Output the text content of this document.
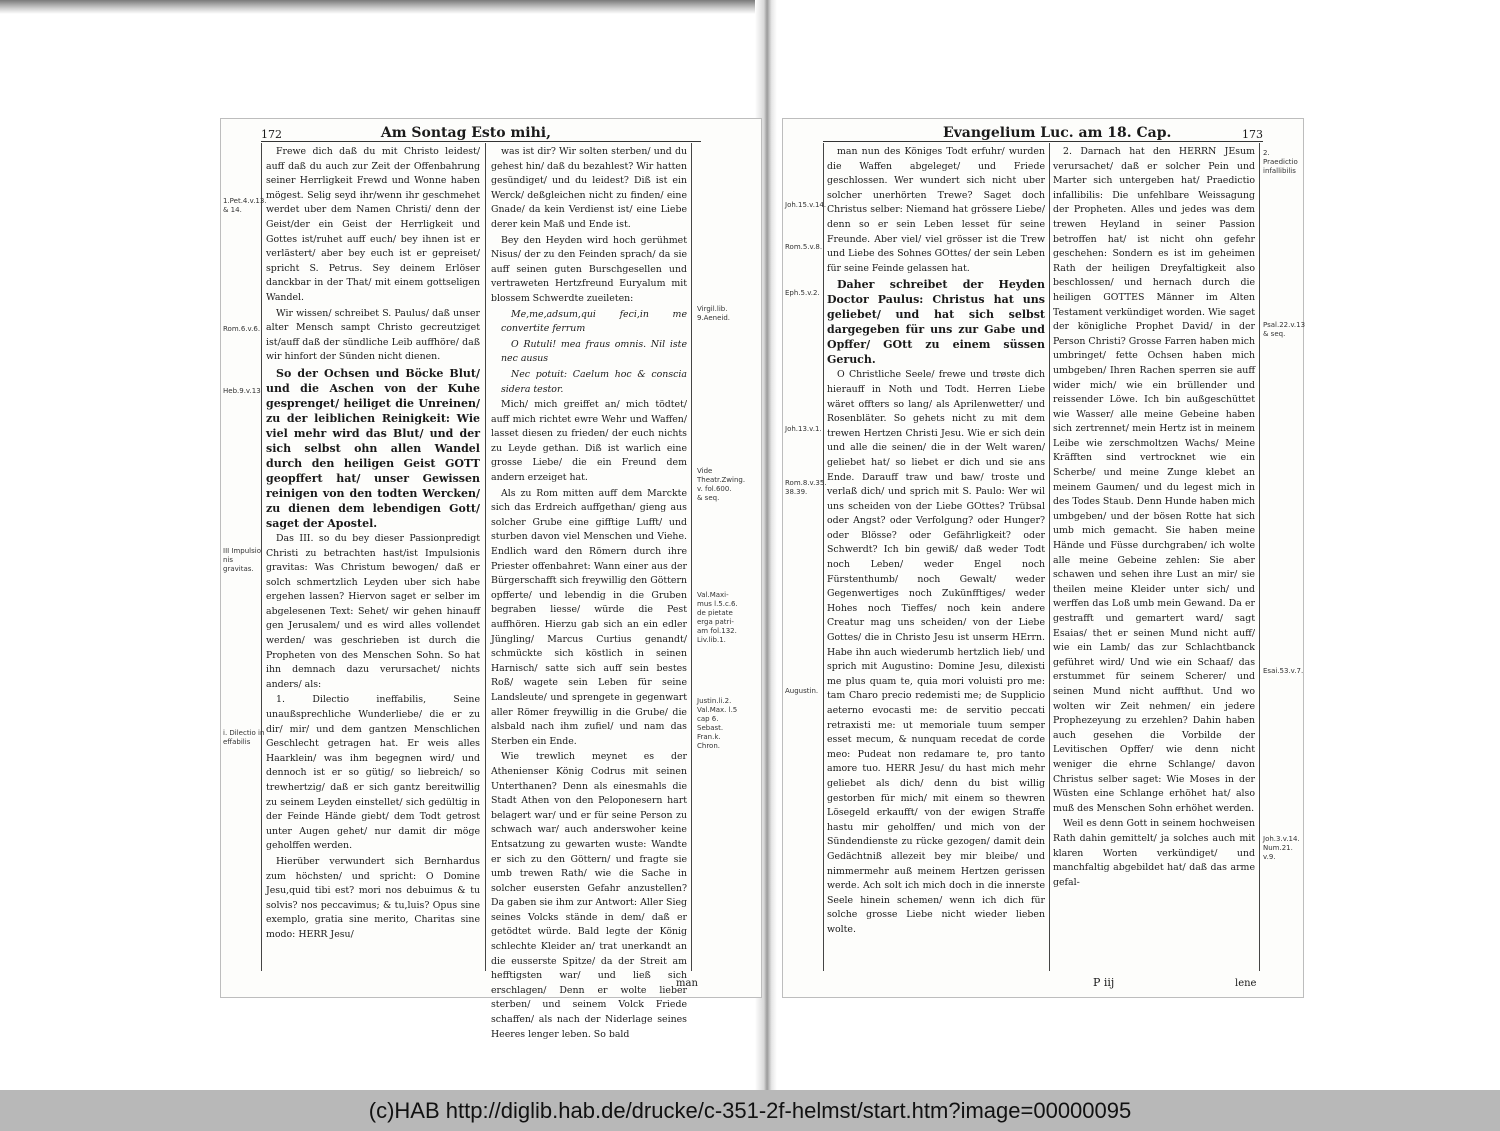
172	Am Sontag Esto mihi,

Frewe dich daß du mit Christo leidest/ auff daß du auch zur Zeit der Offenbahrung seiner Herrligkeit Frewd und Wonne haben mögest. Selig seyd ihr/wenn ihr geschmehet werdet uber dem Namen Christi/ denn der Geist/der ein Geist der Herrligkeit und Gottes ist/ruhet auff euch/ bey ihnen ist er verlästert/ aber bey euch ist er gepreiset/ spricht S. Petrus. Sey deinem Erlöser danckbar in der That/ mit einem gottseligen Wandel.

Wir wissen/ schreibet S. Paulus/ daß unser alter Mensch sampt Christo gecreutziget ist/auff daß der sündliche Leib auffhöre/ daß wir hinfort der Sünden nicht dienen.

So der Ochsen und Böcke Blut/ und die Aschen von der Kuhe gesprenget/ heiliget die Unreinen/ zu der leiblichen Reinigkeit: Wie viel mehr wird das Blut/ und der sich selbst ohn allen Wandel durch den heiligen Geist GOTT geopffert hat/ unser Gewissen reinigen von den todten Wercken/ zu dienen dem lebendigen Gott/ saget der Apostel.

Das III. so du bey dieser Passionpredigt Christi zu betrachten hast/ist Impulsionis gravitas: Was Christum bewogen/ daß er solch schmertzlich Leyden uber sich habe ergehen lassen? Hiervon saget er selber im abgelesenen Text: Sehet/ wir gehen hinauff gen Jerusalem/ und es wird alles vollendet werden/ was geschrieben ist durch die Propheten von des Menschen Sohn. So hat ihn demnach dazu verursachet/ nichts anders/ als:

1. Dilectio ineffabilis, Seine unaußsprechliche Wunderliebe/ die er zu dir/ mir/ und dem gantzen Menschlichen Geschlecht getragen hat. Er weis alles Haarklein/ was ihm begegnen wird/ und dennoch ist er so gütig/ so liebreich/ so trewhertzig/ daß er sich gantz bereitwillig zu seinem Leyden einstellet/ sich gedültig in der Feinde Hände giebt/ dem Todt getrost unter Augen gehet/ nur damit dir möge geholffen werden.

Hierüber verwundert sich Bernhardus zum höchsten/ und spricht: O Domine Jesu,quid tibi est? mori nos debuimus & tu solvis? nos peccavimus; & tu,luis? Opus sine exemplo, gratia sine merito, Charitas sine modo: HERR Jesu/

was ist dir? Wir solten sterben/ und du gehest hin/ daß du bezahlest? Wir hatten gesündiget/ und du leidest? Diß ist ein Werck/ deßgleichen nicht zu finden/ eine Gnade/ da kein Verdienst ist/ eine Liebe derer kein Maß und Ende ist.

Bey den Heyden wird hoch gerühmet Nisus/ der zu den Feinden sprach/ da sie auff seinen guten Burschgesellen und vertraweten Hertzfreund Euryalum mit blossem Schwerdte zueileten:

Me,me,adsum,qui feci,in me convertite ferrum

O Rutuli! mea fraus omnis. Nil iste nec ausus

Nec potuit: Caelum hoc & conscia sidera testor.

Mich/ mich greiffet an/ mich tödtet/ auff mich richtet ewre Wehr und Waffen/ lasset diesen zu frieden/ der euch nichts zu Leyde gethan. Diß ist warlich eine grosse Liebe/ die ein Freund dem andern erzeiget hat.

Als zu Rom mitten auff dem Marckte sich das Erdreich auffgethan/ gieng aus solcher Grube eine gifftige Lufft/ und sturben davon viel Menschen und Viehe. Endlich ward den Römern durch ihre Priester offenbahret: Wann einer aus der Bürgerschafft sich freywillig den Göttern opfferte/ und lebendig in die Gruben begraben liesse/ würde die Pest auffhören. Hierzu gab sich an ein edler Jüngling/ Marcus Curtius genandt/ schmückte sich köstlich in seinen Harnisch/ satte sich auff sein bestes Roß/ wagete sein Leben für seine Landsleute/ und sprengete in gegenwart aller Römer freywillig in die Grube/ die alsbald nach ihm zufiel/ und nam das Sterben ein Ende.

Wie trewlich meynet es der Athenienser König Codrus mit seinen Unterthanen? Denn als einesmahls die Stadt Athen von den Peloponesern hart belagert war/ und er für seine Person zu schwach war/ auch anderswoher keine Entsatzung zu gewarten wuste: Wandte er sich zu den Göttern/ und fragte sie umb trewen Rath/ wie die Sache in solcher eusersten Gefahr anzustellen? Da gaben sie ihm zur Antwort: Aller Sieg seines Volcks stände in dem/ daß er getödtet würde. Bald legte der König schlechte Kleider an/ trat unerkandt an die eusserste Spitze/ da der Streit am hefftigsten war/ und ließ sich erschlagen/ Denn er wolte lieber sterben/ und seinem Volck Friede schaffen/ als nach der Niderlage seines Heeres lenger leben. So bald

1.Pet.4.v.13. & 14.
Rom.6.v.6.
Heb.9.v.13
III Impulsio nis gravitas.
i. Dilectio in effabilis
Virgil.lib. 9.Aeneid.
Vide Theatr.Zwing. v. fol.600. & seq.
Val.Maxi-mus l.5.c.6. de pietate erga patri-am fol.132. Liv.lib.1.
Justin.li.2. Val.Max. l.5 cap 6. Sebast. Fran.k. Chron.
man
Evangelium Luc. am 18. Cap.	173

man nun des Königes Todt erfuhr/ wurden die Waffen abgeleget/ und Friede geschlossen. Wer wundert sich nicht uber solcher unerhörten Trewe? Saget doch Christus selber: Niemand hat grössere Liebe/ denn so er sein Leben lesset für seine Freunde. Aber viel/ viel grösser ist die Trew und Liebe des Sohnes GOttes/ der sein Leben für seine Feinde gelassen hat.

Daher schreibet der Heyden Doctor Paulus: Christus hat uns geliebet/ und hat sich selbst dargegeben für uns zur Gabe und Opffer/ GOtt zu einem süssen Geruch.

O Christliche Seele/ frewe und trøste dich hierauff in Noth und Todt. Herren Liebe wäret offters so lang/ als Aprilenwetter/ und Rosenbläter. So gehets nicht zu mit dem trewen Hertzen Christi Jesu. Wie er sich dein und alle die seinen/ die in der Welt waren/ geliebet hat/ so liebet er dich und sie ans Ende. Darauff traw und baw/ troste und verlaß dich/ und sprich mit S. Paulo: Wer wil uns scheiden von der Liebe GOttes? Trübsal oder Angst? oder Verfolgung? oder Hunger? oder Blösse? oder Gefährligkeit? oder Schwerdt? Ich bin gewiß/ daß weder Todt noch Leben/ weder Engel noch Fürstenthumb/ noch Gewalt/ weder Gegenwertiges noch Zukünfftiges/ weder Hohes noch Tieffes/ noch kein andere Creatur mag uns scheiden/ von der Liebe Gottes/ die in Christo Jesu ist unserm HErrn. Habe ihn auch wiederumb hertzlich lieb/ und sprich mit Augustino: Domine Jesu, dilexisti me plus quam te, quia mori voluisti pro me: tam Charo precio redemisti me; de Supplicio aeterno evocasti me: de servitio peccati retraxisti me: ut memoriale tuum semper esset mecum, & nunquam recedat de corde meo: Pudeat non redamare te, pro tanto amore tuo. HERR Jesu/ du hast mich mehr geliebet als dich/ denn du bist willig gestorben für mich/ mit einem so thewren Lösegeld erkaufft/ von der ewigen Straffe hastu mir geholffen/ und mich von der Sündendienste zu rücke gezogen/ damit dein Gedächtniß allezeit bey mir bleibe/ und nimmermehr auß meinem Hertzen gerissen werde. Ach solt ich mich doch in die innerste Seele hinein schemen/ wenn ich dich für solche grosse Liebe nicht wieder lieben wolte.

2. Darnach hat den HERRN JEsum verursachet/ daß er solcher Pein und Marter sich untergeben hat/ Praedictio infallibilis: Die unfehlbare Weissagung der Propheten. Alles und jedes was dem trewen Heyland in seiner Passion betroffen hat/ ist nicht ohn gefehr geschehen: Sondern es ist im geheimen Rath der heiligen Dreyfaltigkeit also beschlossen/ und hernach durch die heiligen GOTTES Männer im Alten Testament verkündiget worden. Wie saget der königliche Prophet David/ in der Person Christi? Grosse Farren haben mich umbringet/ fette Ochsen haben mich umbgeben/ Ihren Rachen sperren sie auff wider mich/ wie ein brüllender und reissender Löwe. Ich bin außgeschüttet wie Wasser/ alle meine Gebeine haben sich zertrennet/ mein Hertz ist in meinem Leibe wie zerschmoltzen Wachs/ Meine Kräfften sind vertrocknet wie ein Scherbe/ und meine Zunge klebet an meinem Gaumen/ und du legest mich in des Todes Staub. Denn Hunde haben mich umbgeben/ und der bösen Rotte hat sich umb mich gemacht. Sie haben meine Hände und Füsse durchgraben/ ich wolte alle meine Gebeine zehlen: Sie aber schawen und sehen ihre Lust an mir/ sie theilen meine Kleider unter sich/ und werffen das Loß umb mein Gewand. Da er gestrafft und gemartert ward/ sagt Esaias/ thet er seinen Mund nicht auff/ wie ein Lamb/ das zur Schlachtbanck geführet wird/ Und wie ein Schaaf/ das erstummet für seinem Scherer/ und seinen Mund nicht auffthut. Und wo wolten wir Zeit nehmen/ ein jedere Prophezeyung zu erzehlen? Dahin haben auch gesehen die Vorbilde der Levitischen Opffer/ wie denn nicht weniger die ehrne Schlange/ davon Christus selber saget: Wie Moses in der Wüsten eine Schlange erhöhet hat/ also muß des Menschen Sohn erhöhet werden.

Weil es denn Gott in seinem hochweisen Rath dahin gemittelt/ ja solches auch mit klaren Worten verkündiget/ und manchfaltig abgebildet hat/ daß das arme gefal-

Joh.15.v.14.
Rom.5.v.8.
Eph.5.v.2.
Joh.13.v.1.
Rom.8.v.35. 38.39.
Augustin.
2. Praedictio infallibilis
Psal.22.v.13 & seq.
Esai.53.v.7.
Joh.3.v.14. Num.21. v.9.
P iij	lene
(c)HAB http://diglib.hab.de/drucke/c-351-2f-helmst/start.htm?image=00000095
